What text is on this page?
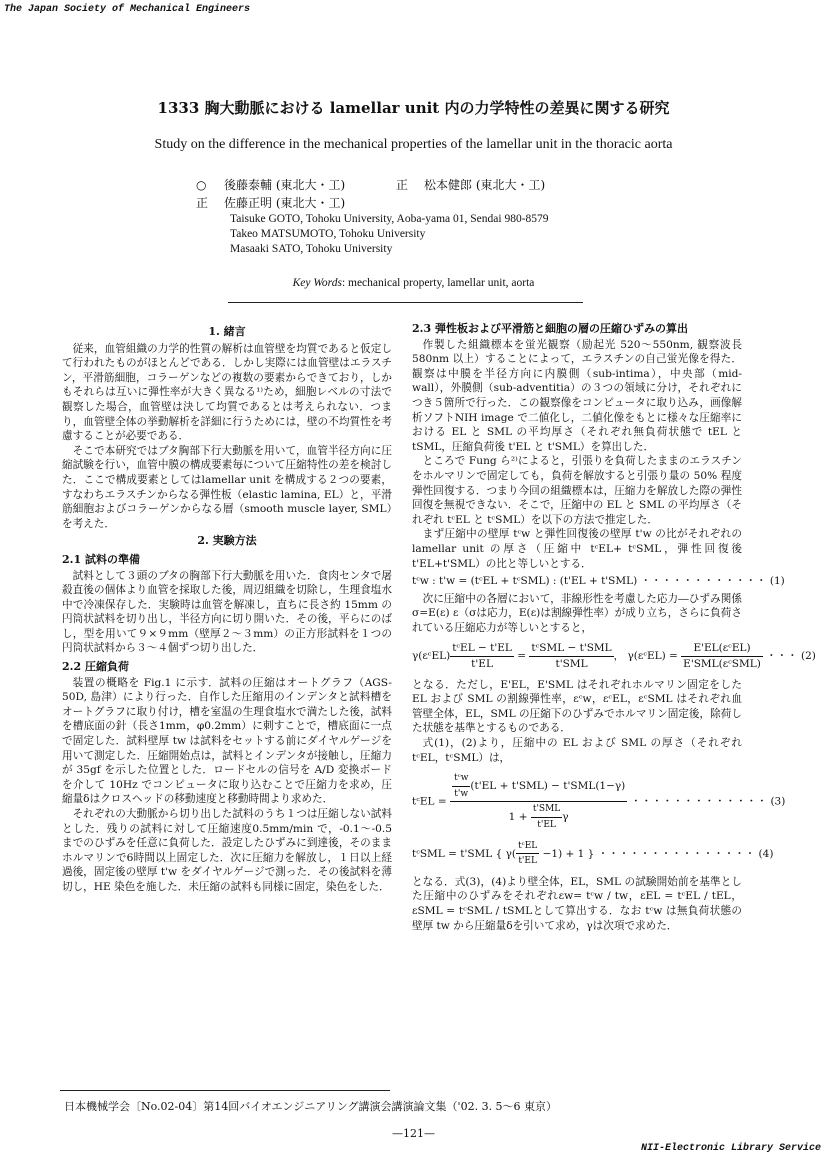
The Japan Society of Mechanical Engineers
1333 胸大動脈における lamellar unit 内の力学特性の差異に関する研究
Study on the difference in the mechanical properties of the lamellar unit in the thoracic aorta
○ 後藤泰輔 (東北大・工)	正 松本健郎 (東北大・工)
正 佐藤正明 (東北大・工)
Taisuke GOTO, Tohoku University, Aoba-yama 01, Sendai 980-8579
Takeo MATSUMOTO, Tohoku University
Masaaki SATO, Tohoku University
Key Words: mechanical property, lamellar unit, aorta
1. 緒言

従来，血管組織の力学的性質の解析は血管壁を均質であると仮定して行われたものがほとんどである．しかし実際には血管壁はエラスチン，平滑筋細胞，コラーゲンなどの複数の要素からできており，しかもそれらは互いに弾性率が大きく異なる¹⁾ため，細胞レベルの寸法で観察した場合，血管壁は決して均質であるとは考えられない．つまり，血管壁全体の挙動解析を詳細に行うためには，壁の不均質性を考慮することが必要である．

そこで本研究ではブタ胸部下行大動脈を用いて，血管半径方向に圧縮試験を行い，血管中膜の構成要素毎について圧縮特性の差を検討した．ここで構成要素としてはlamellar unit を構成する２つの要素，すなわちエラスチンからなる弾性板（elastic lamina, EL）と，平滑筋細胞およびコラーゲンからなる層（smooth muscle layer, SML）を考えた．

2. 実験方法
2.1 試料の準備

試料として３頭のブタの胸部下行大動脈を用いた．食肉センタで屠殺直後の個体より血管を採取した後，周辺組織を切除し，生理食塩水中で冷凍保存した．実験時は血管を解凍し，直ちに長さ約 15mm の円筒状試料を切り出し，半径方向に切り開いた．その後，平らにのばし，型を用いて９×９mm（壁厚２～３mm）の正方形試料を１つの円筒状試料から３～４個ずつ切り出した．

2.2 圧縮負荷

装置の概略を Fig.1 に示す．試料の圧縮はオートグラフ（AGS-50D, 島津）により行った．自作した圧縮用のインデンタと試料槽をオートグラフに取り付け，槽を室温の生理食塩水で満たした後，試料を槽底面の針（長さ1mm，φ0.2mm）に刺すことで，槽底面に一点で固定した．試料壁厚 tw は試料をセットする前にダイヤルゲージを用いて測定した．圧縮開始点は，試料とインデンタが接触し，圧縮力が 35gf を示した位置とした．ロードセルの信号を A/D 変換ボードを介して 10Hz でコンピュータに取り込むことで圧縮力を求め，圧縮量δはクロスヘッドの移動速度と移動時間より求めた．

それぞれの大動脈から切り出した試料のうち１つは圧縮しない試料とした．残りの試料に対して圧縮速度0.5mm/min で，-0.1～-0.5 までのひずみを任意に負荷した．設定したひずみに到達後，そのままホルマリンで6時間以上固定した．次に圧縮力を解放し，１日以上経過後，固定後の壁厚 t'w をダイヤルゲージで測った．その後試料を薄切し，HE 染色を施した．未圧縮の試料も同様に固定，染色をした．

2.3 弾性板および平滑筋と細胞の層の圧縮ひずみの算出

作製した組織標本を蛍光観察（励起光 520～550nm, 観察波長 580nm 以上）することによって，エラスチンの自己蛍光像を得た．観察は中膜を半径方向に内膜側（sub-intima），中央部（mid-wall），外膜側（sub-adventitia）の３つの領域に分け，それぞれにつき５箇所で行った．この観察像をコンピュータに取り込み，画像解析ソフトNIH image で二値化し，二値化像をもとに様々な圧縮率における EL と SML の平均厚さ（それぞれ無負荷状態で tEL と tSML，圧縮負荷後 t'EL と t'SML）を算出した．

ところで Fung ら²⁾によると，引張りを負荷したままのエラスチンをホルマリンで固定しても，負荷を解放すると引張り量の 50% 程度弾性回復する．つまり今回の組織標本は，圧縮力を解放した際の弾性回復を無視できない．そこで，圧縮中の EL と SML の平均厚さ（それぞれ tᶜEL と tᶜSML）を以下の方法で推定した．

まず圧縮中の壁厚 tᶜw と弾性回復後の壁厚 t'w の比がそれぞれの lamellar unit の厚さ（圧縮中 tᶜEL+ tᶜSML，弾性回復後 t'EL+t'SML）の比と等しいとする．

tᶜw : t'w = (tᶜEL + tᶜSML) : (t'EL + t'SML) ・・・・・・・・・・・・ (1)

次に圧縮中の各層において，非線形性を考慮した応力―ひずみ関係σ=E(ε) ε（σは応力，E(ε)は割線弾性率）が成り立ち，さらに負荷されている圧縮応力が等しいとすると，

γ(εᶜEL) $\frac{\text{tᶜEL − t'EL}}{t'EL} = \frac{\text{tᶜSML − t'SML}}{\text{t'SML}}$ ， γ(εᶜEL) = $\frac{\text{E'EL(εᶜEL)}}{\text{E'SML(εᶜSML)}}$ ・・・ (2)

となる．ただし，E'EL，E'SML はそれぞれホルマリン固定をした EL および SML の割線弾性率，εᶜw，εᶜEL，εᶜSML はそれぞれ血管壁全体，EL，SML の圧縮下のひずみでホルマリン固定後，除荷した状態を基準とするものである．

式(1)，(2)より，圧縮中の EL および SML の厚さ（それぞれ tᶜEL，tᶜSML）は，

tᶜEL = $\frac{\frac{\text{tᶜw}}{t'w} (t'EL + t'SML) - t'SML(1-\gamma)}{1 + \frac{\text{t'SML}}{t'EL} \gamma}$ ・・・・・・・・・・・・・ (3)
tᶜSML = t'SML { $\gamma( \frac{\text{tᶜEL}}{t'EL} -1) + 1$ } ・・・・・・・・・・・・・・・ (4)

となる．式(3)，(4)より壁全体，EL，SML の試験開始前を基準とした圧縮中のひずみをそれぞれεw= tᶜw / tw，εEL = tᶜEL / tEL，εSML = tᶜSML / tSMLとして算出する．なお tᶜw は無負荷状態の壁厚 tw から圧縮量δを引いて求め，γは次項で求めた．

日本機械学会〔No.02-04〕第14回バイオエンジニアリング講演会講演論文集（'02. 3. 5～6 東京）
—121—
NII-Electronic Library Service
